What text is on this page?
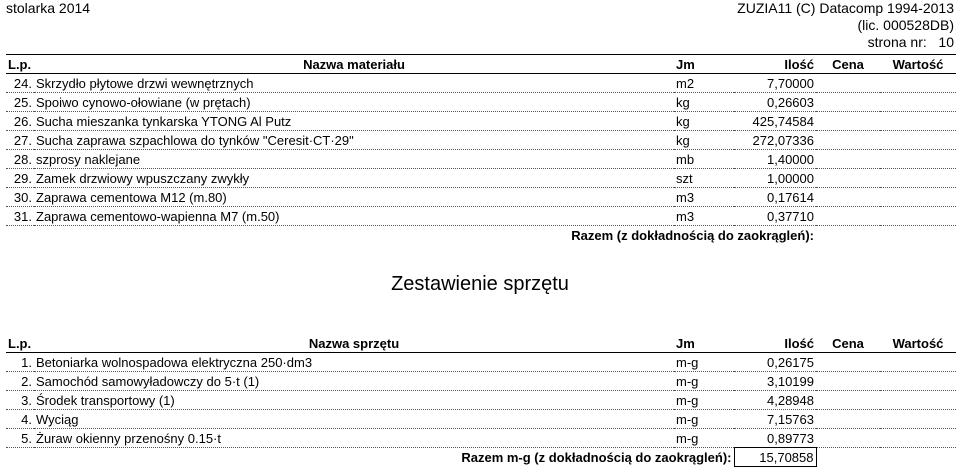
stolarka 2014	ZUZIA11 (C) Datacomp 1994-2013
(lic. 000528DB)
strona nr:   10
L.p.	Nazwa materiału	Jm	Ilość	Cena	Wartość
24.	Skrzydło płytowe drzwi wewnętrznych	m2	7,70000		
25.	Spoiwo cynowo-ołowiane (w prętach)	kg	0,26603		
26.	Sucha mieszanka tynkarska YTONG Al Putz	kg	425,74584		
27.	Sucha zaprawa szpachlowa do tynków "Ceresit·CT·29"	kg	272,07336		
28.	szprosy naklejane	mb	1,40000		
29.	Zamek drzwiowy wpuszczany zwykły	szt	1,00000		
30.	Zaprawa cementowa M12 (m.80)	m3	0,17614		
31.	Zaprawa cementowo-wapienna M7 (m.50)	m3	0,37710		
Razem (z dokładnością do zaokrągleń):					
Zestawienie sprzętu
L.p.	Nazwa sprzętu	Jm	Ilość	Cena	Wartość
1.	Betoniarka wolnospadowa elektryczna 250·dm3	m-g	0,26175		
2.	Samochód samowyładowczy do 5·t (1)	m-g	3,10199		
3.	Środek transportowy (1)	m-g	4,28948		
4.	Wyciąg	m-g	7,15763		
5.	Żuraw okienny przenośny 0.15·t	m-g	0,89773		
Razem m-g (z dokładnością do zaokrągleń):			15,70858		
